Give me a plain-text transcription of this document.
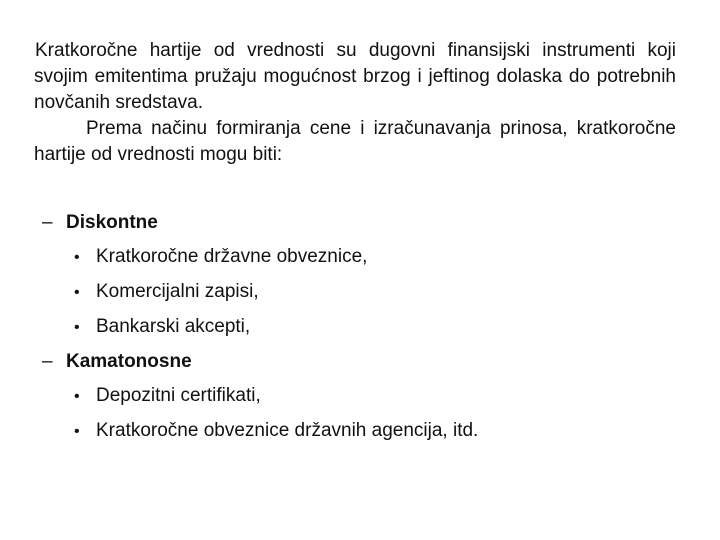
Kratkoročne hartije od vrednosti su dugovni finansijski instrumenti koji svojim emitentima pružaju mogućnost brzog i jeftinog dolaska do potrebnih novčanih sredstava.

Prema načinu formiranja cene i izračunavanja prinosa, kratkoročne hartije od vrednosti mogu biti:

– Diskontne
• Kratkoročne državne obveznice,
• Komercijalni zapisi,
• Bankarski akcepti,
– Kamatonosne
• Depozitni certifikati,
• Kratkoročne obveznice državnih agencija, itd.
